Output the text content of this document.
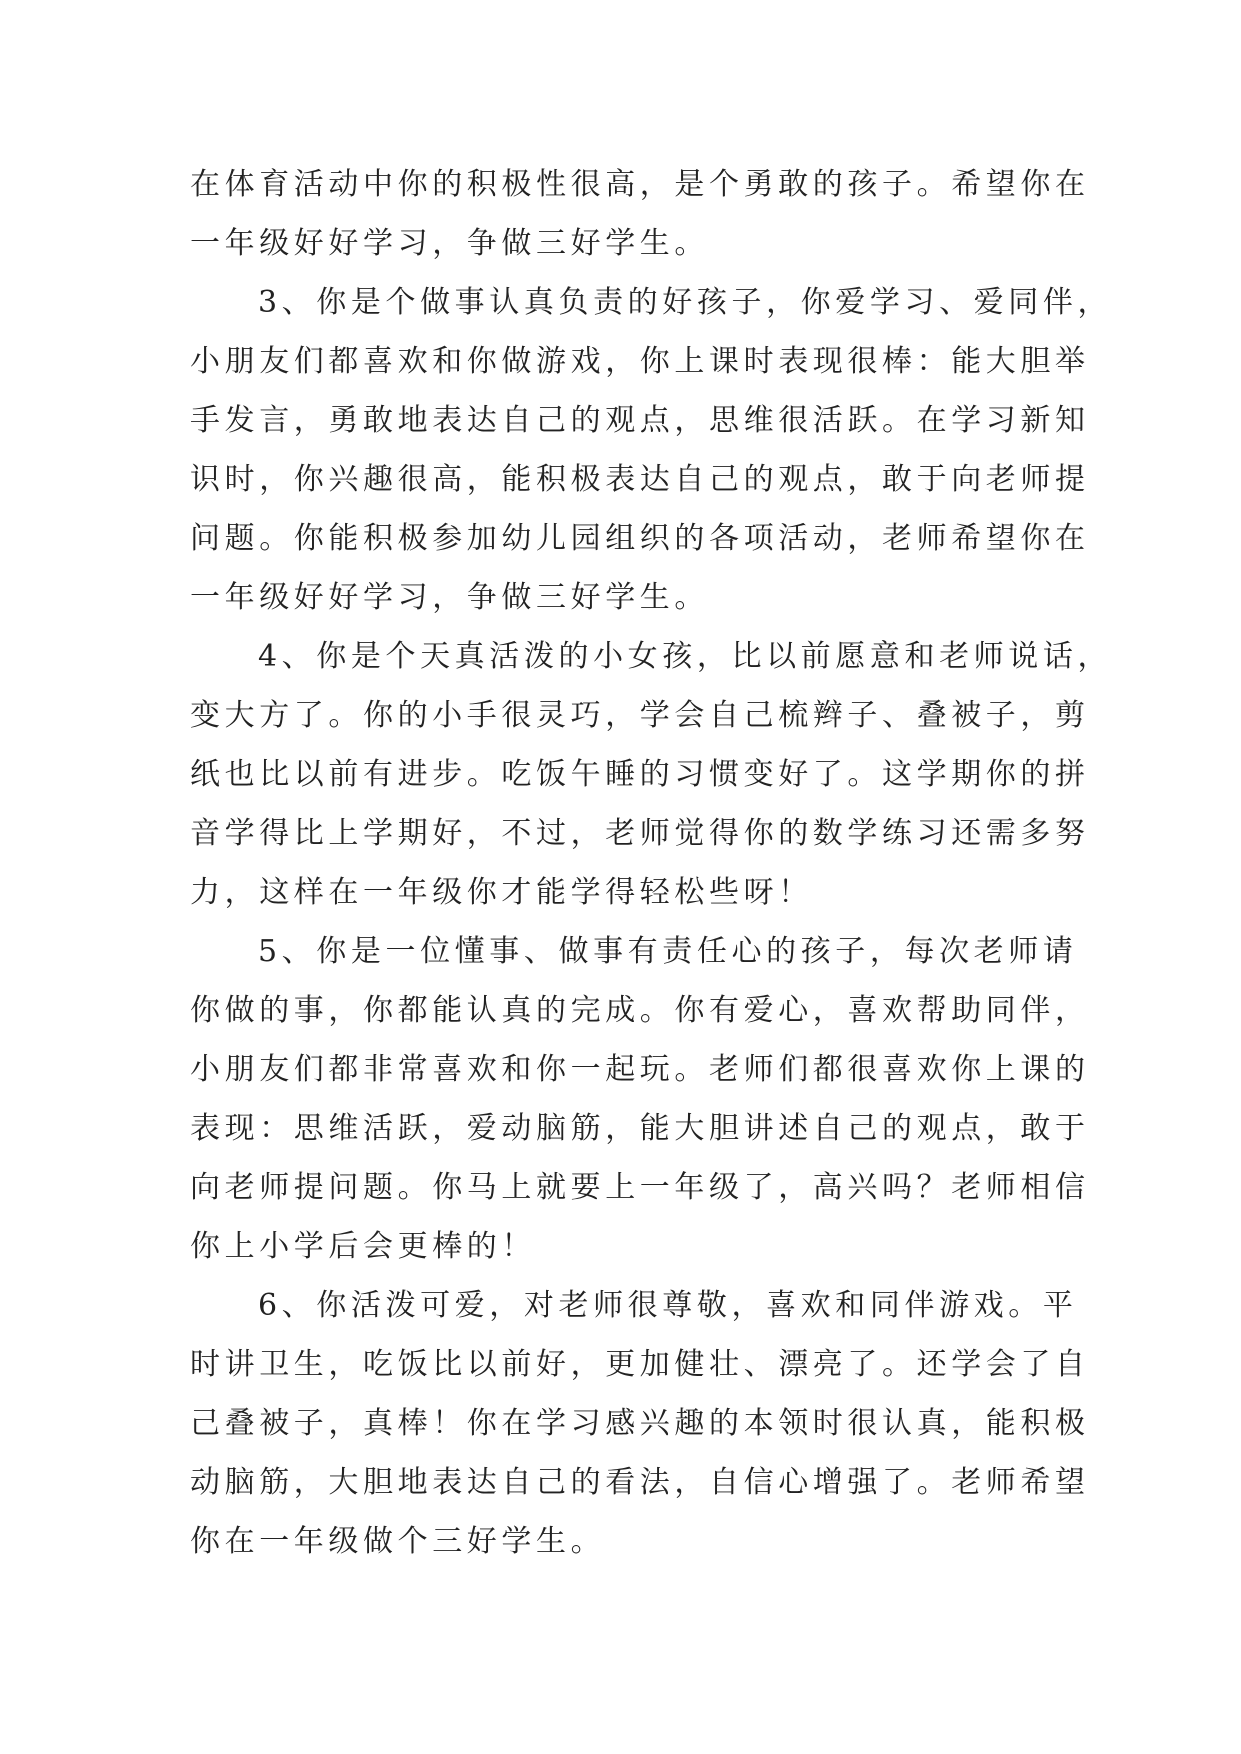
在体育活动中你的积极性很高，是个勇敢的孩子。希望你在
一年级好好学习，争做三好学生。
3、你是个做事认真负责的好孩子，你爱学习、爱同伴，
小朋友们都喜欢和你做游戏，你上课时表现很棒：能大胆举
手发言，勇敢地表达自己的观点，思维很活跃。在学习新知
识时，你兴趣很高，能积极表达自己的观点，敢于向老师提
问题。你能积极参加幼儿园组织的各项活动，老师希望你在
一年级好好学习，争做三好学生。
4、你是个天真活泼的小女孩，比以前愿意和老师说话，
变大方了。你的小手很灵巧，学会自己梳辫子、叠被子，剪
纸也比以前有进步。吃饭午睡的习惯变好了。这学期你的拼
音学得比上学期好，不过，老师觉得你的数学练习还需多努
力，这样在一年级你才能学得轻松些呀！
5、你是一位懂事、做事有责任心的孩子，每次老师请
你做的事，你都能认真的完成。你有爱心，喜欢帮助同伴，
小朋友们都非常喜欢和你一起玩。老师们都很喜欢你上课的
表现：思维活跃，爱动脑筋，能大胆讲述自己的观点，敢于
向老师提问题。你马上就要上一年级了，高兴吗？老师相信
你上小学后会更棒的！
6、你活泼可爱，对老师很尊敬，喜欢和同伴游戏。平
时讲卫生，吃饭比以前好，更加健壮、漂亮了。还学会了自
己叠被子，真棒！你在学习感兴趣的本领时很认真，能积极
动脑筋，大胆地表达自己的看法，自信心增强了。老师希望
你在一年级做个三好学生。
